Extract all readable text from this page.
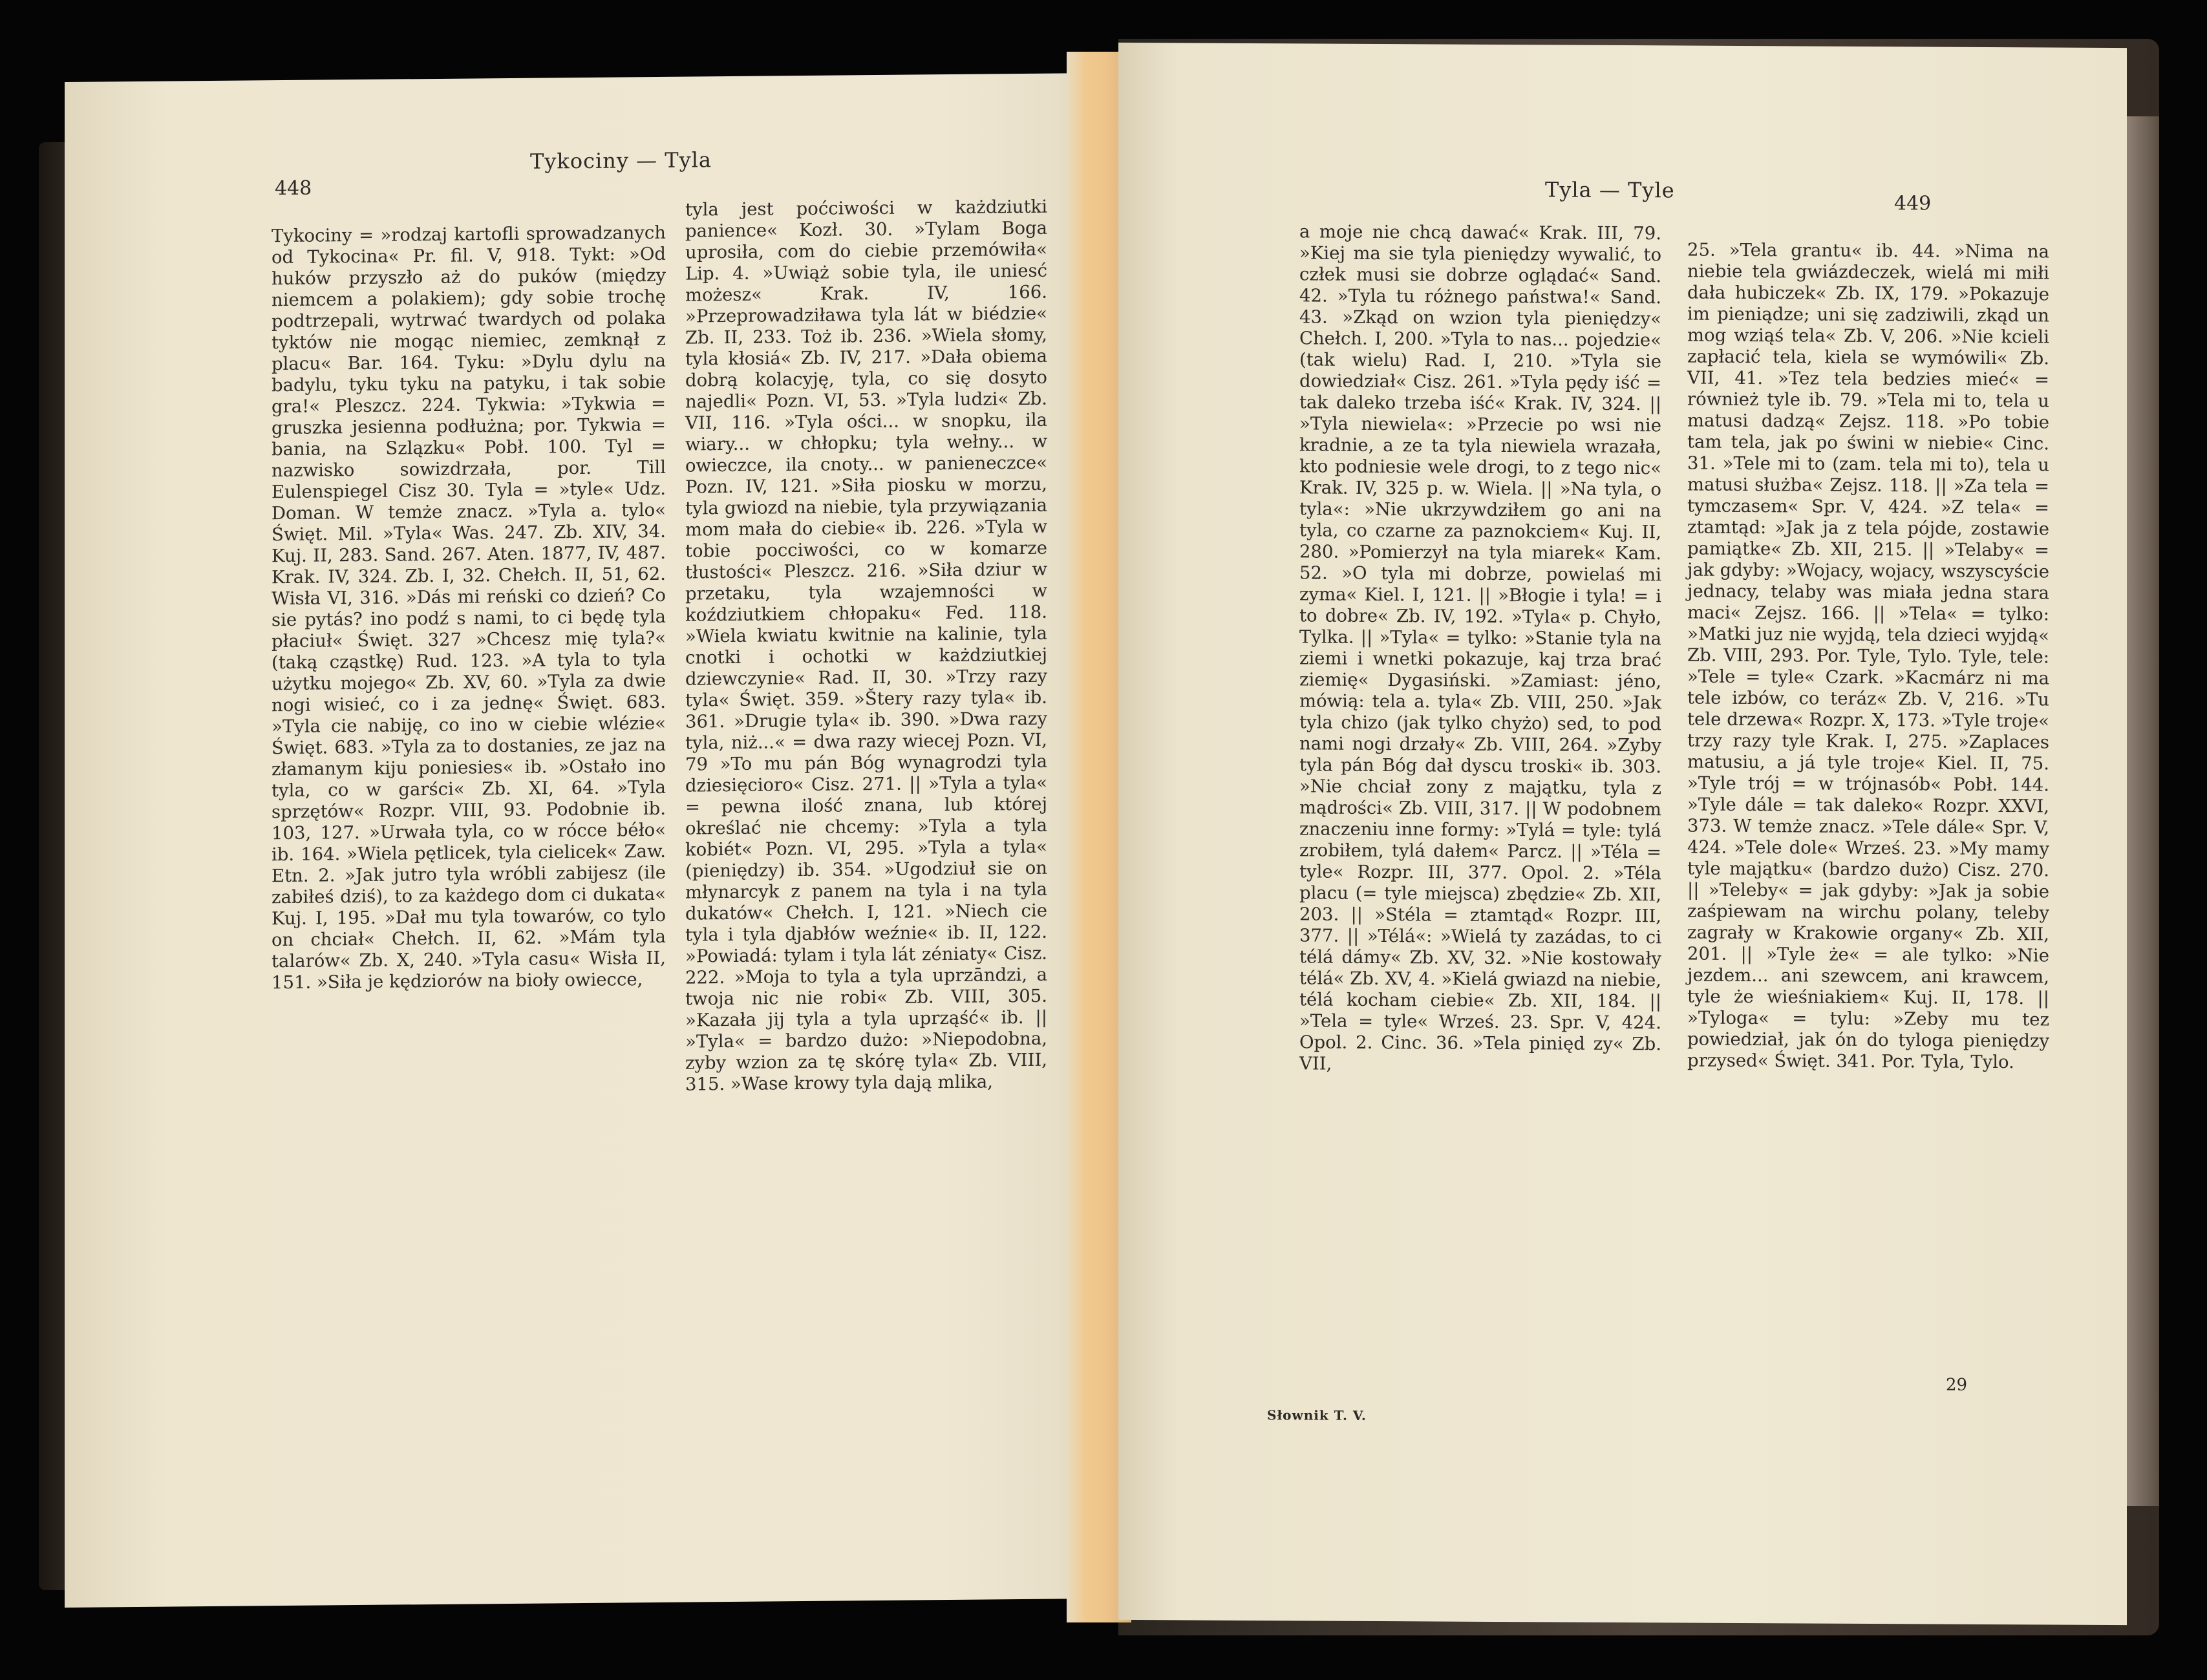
448
Tykociny — Tyla

Tykociny = »rodzaj kartofli sprowadzanych od Tykocina« Pr. fil. V, 918. Tykt: »Od huków przyszło aż do puków (między niemcem a polakiem); gdy sobie trochę podtrzepali, wytrwać twardych od polaka tyktów nie mogąc niemiec, zemknął z placu« Bar. 164. Tyku: »Dylu dylu na badylu, tyku tyku na patyku, i tak sobie gra!« Pleszcz. 224. Tykwia: »Tykwia = gruszka jesienna podłużna; por. Tykwia = bania, na Szlązku« Pobł. 100. Tyl = nazwisko sowizdrzała, por. Till Eulenspiegel Cisz 30. Tyla = »tyle« Udz. Doman. W temże znacz. »Tyla a. tylo« Święt. Mil. »Tyla« Was. 247. Zb. XIV, 34. Kuj. II, 283. Sand. 267. Aten. 1877, IV, 487. Krak. IV, 324. Zb. I, 32. Chełch. II, 51, 62. Wisła VI, 316. »Dás mi reński co dzień? Co sie pytás? ino podź s nami, to ci będę tyla płaciuł« Święt. 327 »Chcesz mię tyla?« (taką cząstkę) Rud. 123. »A tyla to tyla użytku mojego« Zb. XV, 60. »Tyla za dwie nogi wisieć, co i za jednę« Święt. 683. »Tyla cie nabiję, co ino w ciebie wlézie« Święt. 683. »Tyla za to dostanies, ze jaz na złamanym kiju poniesies« ib. »Ostało ino tyla, co w garści« Zb. XI, 64. »Tyla sprzętów« Rozpr. VIII, 93. Podobnie ib. 103, 127. »Urwała tyla, co w rócce béło« ib. 164. »Wiela pętlicek, tyla cielicek« Zaw. Etn. 2. »Jak jutro tyla wróbli zabijesz (ile zabiłeś dziś), to za każdego dom ci dukata« Kuj. I, 195. »Dał mu tyla towarów, co tylo on chciał« Chełch. II, 62. »Mám tyla talarów« Zb. X, 240. »Tyla casu« Wisła II, 151. »Siła je kędziorów na bioły owiecce,

tyla jest poćciwości w każdziutki panience« Kozł. 30. »Tylam Boga uprosiła, com do ciebie przemówiła« Lip. 4. »Uwiąż sobie tyla, ile uniesć możesz« Krak. IV, 166. »Przeprowadziława tyla lát w biédzie« Zb. II, 233. Toż ib. 236. »Wiela słomy, tyla kłosiá« Zb. IV, 217. »Dała obiema dobrą kolacyję, tyla, co się dosyto najedli« Pozn. VI, 53. »Tyla ludzi« Zb. VII, 116. »Tyla ości... w snopku, ila wiary... w chłopku; tyla wełny... w owieczce, ila cnoty... w panieneczce« Pozn. IV, 121. »Siła piosku w morzu, tyla gwiozd na niebie, tyla przywiązania mom mała do ciebie« ib. 226. »Tyla w tobie pocciwości, co w komarze tłustości« Pleszcz. 216. »Siła dziur w przetaku, tyla wzajemności w koździutkiem chłopaku« Fed. 118. »Wiela kwiatu kwitnie na kalinie, tyla cnotki i ochotki w każdziutkiej dziewczynie« Rad. II, 30. »Trzy razy tyla« Święt. 359. »Štery razy tyla« ib. 361. »Drugie tyla« ib. 390. »Dwa razy tyla, niż...« = dwa razy wiecej Pozn. VI, 79 »To mu pán Bóg wynagrodzi tyla dziesięcioro« Cisz. 271. || »Tyla a tyla« = pewna ilość znana, lub której określać nie chcemy: »Tyla a tyla kobiét« Pozn. VI, 295. »Tyla a tyla« (pieniędzy) ib. 354. »Ugodziuł sie on młynarcyk z panem na tyla i na tyla dukatów« Chełch. I, 121. »Niech cie tyla i tyla djabłów weźnie« ib. II, 122. »Powiadá: tylam i tyla lát zéniaty« Cisz. 222. »Moja to tyla a tyla uprzāndzi, a twoja nic nie robi« Zb. VIII, 305. »Kazała jij tyla a tyla uprząść« ib. || »Tyla« = bardzo dużo: »Niepodobna, zyby wzion za tę skórę tyla« Zb. VIII, 315. »Wase krowy tyla dają mlika,

Tyla — Tyle
449

a moje nie chcą dawać« Krak. III, 79. »Kiej ma sie tyla pieniędzy wywalić, to człek musi sie dobrze oglądać« Sand. 42. »Tyla tu różnego państwa!« Sand. 43. »Zkąd on wzion tyla pieniędzy« Chełch. I, 200. »Tyla to nas... pojedzie« (tak wielu) Rad. I, 210. »Tyla sie dowiedział« Cisz. 261. »Tyla pędy iść = tak daleko trzeba iść« Krak. IV, 324. || »Tyla niewiela«: »Przecie po wsi nie kradnie, a ze ta tyla niewiela wrazała, kto podniesie wele drogi, to z tego nic« Krak. IV, 325 p. w. Wiela. || »Na tyla, o tyla«: »Nie ukrzywdziłem go ani na tyla, co czarne za paznokciem« Kuj. II, 280. »Pomierzył na tyla miarek« Kam. 52. »O tyla mi dobrze, powielaś mi zyma« Kiel. I, 121. || »Błogie i tyla! = i to dobre« Zb. IV, 192. »Tyla« p. Chyło, Tylka. || »Tyla« = tylko: »Stanie tyla na ziemi i wnetki pokazuje, kaj trza brać ziemię« Dygasiński. »Zamiast: jéno, mówią: tela a. tyla« Zb. VIII, 250. »Jak tyla chizo (jak tylko chyżo) sed, to pod nami nogi drzały« Zb. VIII, 264. »Zyby tyla pán Bóg dał dyscu troski« ib. 303. »Nie chciał zony z majątku, tyla z mądrości« Zb. VIII, 317. || W podobnem znaczeniu inne formy: »Tylá = tyle: tylá zrobiłem, tylá dałem« Parcz. || »Téla = tyle« Rozpr. III, 377. Opol. 2. »Téla placu (= tyle miejsca) zbędzie« Zb. XII, 203. || »Stéla = ztamtąd« Rozpr. III, 377. || »Télá«: »Wielá ty zazádas, to ci télá dámy« Zb. XV, 32. »Nie kostowały télá« Zb. XV, 4. »Kielá gwiazd na niebie, télá kocham ciebie« Zb. XII, 184. || »Tela = tyle« Wrześ. 23. Spr. V, 424. Opol. 2. Cinc. 36. »Tela pinięd zy« Zb. VII,

25. »Tela grantu« ib. 44. »Nima na niebie tela gwiázdeczek, wielá mi miłi dała hubiczek« Zb. IX, 179. »Pokazuje im pieniądze; uni się zadziwili, zkąd un mog wziąś tela« Zb. V, 206. »Nie kcieli zapłacić tela, kiela se wymówili« Zb. VII, 41. »Tez tela bedzies mieć« = również tyle ib. 79. »Tela mi to, tela u matusi dadzą« Zejsz. 118. »Po tobie tam tela, jak po świni w niebie« Cinc. 31. »Tele mi to (zam. tela mi to), tela u matusi służba« Zejsz. 118. || »Za tela = tymczasem« Spr. V, 424. »Z tela« = ztamtąd: »Jak ja z tela pójde, zostawie pamiątke« Zb. XII, 215. || »Telaby« = jak gdyby: »Wojacy, wojacy, wszyscyście jednacy, telaby was miała jedna stara maci« Zejsz. 166. || »Tela« = tylko: »Matki juz nie wyjdą, tela dzieci wyjdą« Zb. VIII, 293. Por. Tyle, Tylo. Tyle, tele: »Tele = tyle« Czark. »Kacmárz ni ma tele izbów, co teráz« Zb. V, 216. »Tu tele drzewa« Rozpr. X, 173. »Tyle troje« trzy razy tyle Krak. I, 275. »Zaplaces matusiu, a já tyle troje« Kiel. II, 75. »Tyle trój = w trójnasób« Pobł. 144. »Tyle dále = tak daleko« Rozpr. XXVI, 373. W temże znacz. »Tele dále« Spr. V, 424. »Tele dole« Wrześ. 23. »My mamy tyle majątku« (bardzo dużo) Cisz. 270. || »Teleby« = jak gdyby: »Jak ja sobie zaśpiewam na wirchu polany, teleby zagrały w Krakowie organy« Zb. XII, 201. || »Tyle że« = ale tylko: »Nie jezdem... ani szewcem, ani krawcem, tyle że wieśniakiem« Kuj. II, 178. || »Tyloga« = tylu: »Zeby mu tez powiedział, jak ón do tyloga pieniędzy przysed« Święt. 341. Por. Tyla, Tylo.

Słownik T. V.
29
